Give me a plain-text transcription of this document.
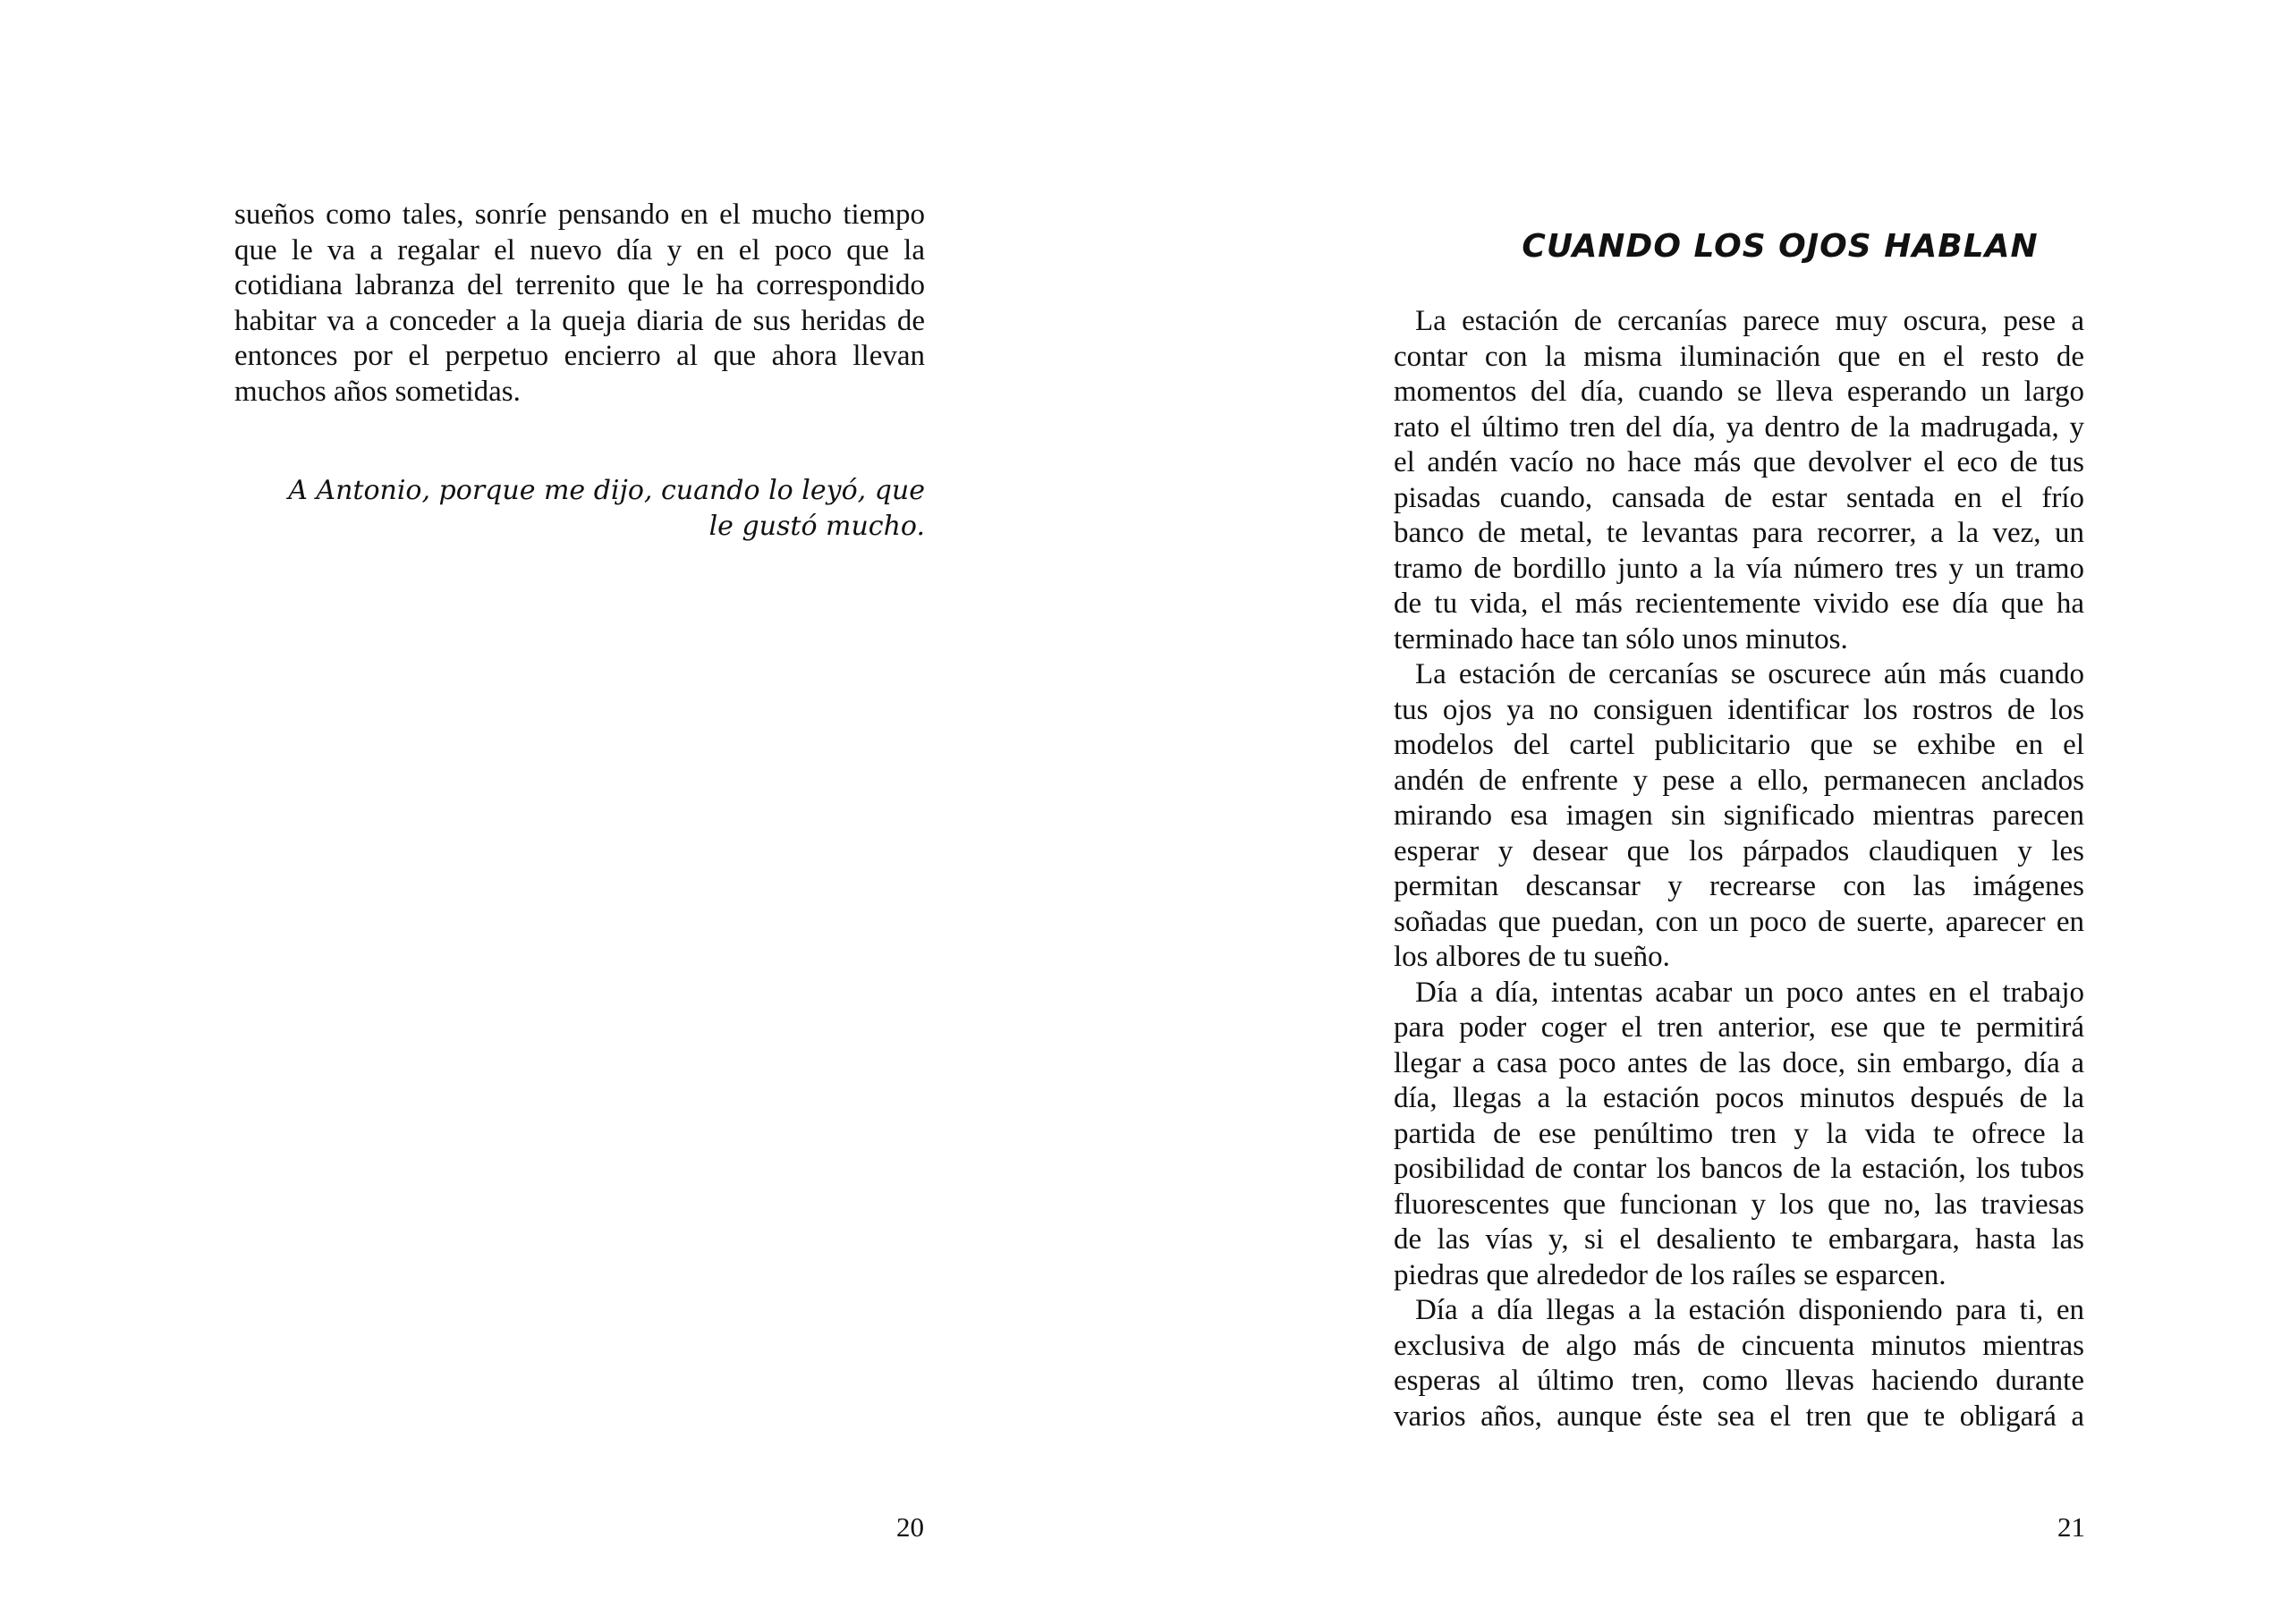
sueños como tales, sonríe pensando en el mucho tiempo
que le va a regalar el nuevo día y en el poco que la
cotidiana labranza del terrenito que le ha correspondido
habitar va a conceder a la queja diaria de sus heridas de
entonces por el perpetuo encierro al que ahora llevan
muchos años sometidas.
A Antonio, porque me dijo, cuando lo leyó, que
le gustó mucho.
20
CUANDO LOS OJOS HABLAN
La estación de cercanías parece muy oscura, pese a
contar con la misma iluminación que en el resto de
momentos del día, cuando se lleva esperando un largo
rato el último tren del día, ya dentro de la madrugada, y
el andén vacío no hace más que devolver el eco de tus
pisadas cuando, cansada de estar sentada en el frío
banco de metal, te levantas para recorrer, a la vez, un
tramo de bordillo junto a la vía número tres y un tramo
de tu vida, el más recientemente vivido ese día que ha
terminado hace tan sólo unos minutos.
La estación de cercanías se oscurece aún más cuando
tus ojos ya no consiguen identificar los rostros de los
modelos del cartel publicitario que se exhibe en el
andén de enfrente y pese a ello, permanecen anclados
mirando esa imagen sin significado mientras parecen
esperar y desear que los párpados claudiquen y les
permitan descansar y recrearse con las imágenes
soñadas que puedan, con un poco de suerte, aparecer en
los albores de tu sueño.
Día a día, intentas acabar un poco antes en el trabajo
para poder coger el tren anterior, ese que te permitirá
llegar a casa poco antes de las doce, sin embargo, día a
día, llegas a la estación pocos minutos después de la
partida de ese penúltimo tren y la vida te ofrece la
posibilidad de contar los bancos de la estación, los tubos
fluorescentes que funcionan y los que no, las traviesas
de las vías y, si el desaliento te embargara, hasta las
piedras que alrededor de los raíles se esparcen.
Día a día llegas a la estación disponiendo para ti, en
exclusiva de algo más de cincuenta minutos mientras
esperas al último tren, como llevas haciendo durante
varios años, aunque éste sea el tren que te obligará a
21
